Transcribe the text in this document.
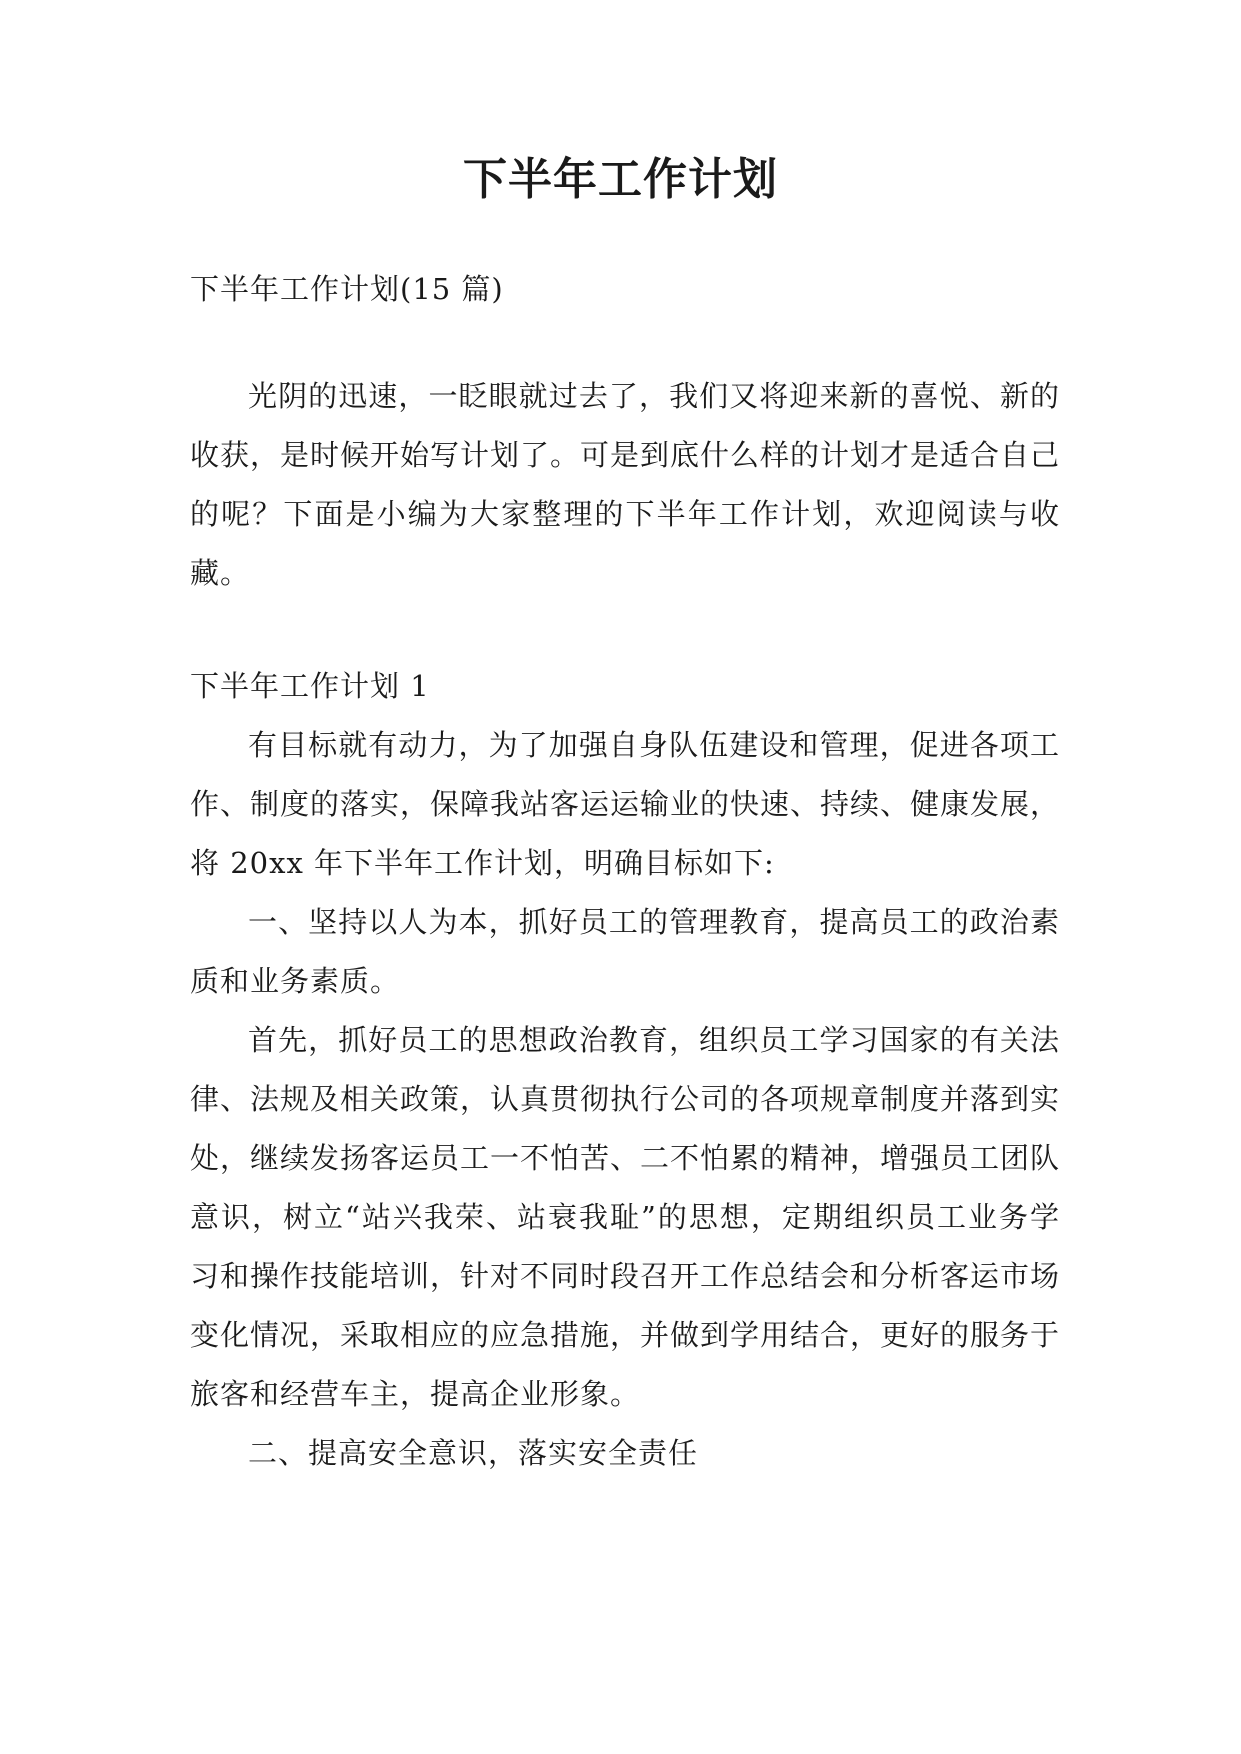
下半年工作计划

下半年工作计划(15 篇)

光阴的迅速，一眨眼就过去了，我们又将迎来新的喜悦、新的收获，是时候开始写计划了。可是到底什么样的计划才是适合自己的呢？下面是小编为大家整理的下半年工作计划，欢迎阅读与收藏。

下半年工作计划 1

有目标就有动力，为了加强自身队伍建设和管理，促进各项工作、制度的落实，保障我站客运运输业的快速、持续、健康发展，将 20xx 年下半年工作计划，明确目标如下:

一、坚持以人为本，抓好员工的管理教育，提高员工的政治素质和业务素质。

首先，抓好员工的思想政治教育，组织员工学习国家的有关法律、法规及相关政策，认真贯彻执行公司的各项规章制度并落到实处，继续发扬客运员工一不怕苦、二不怕累的精神，增强员工团队意识，树立“站兴我荣、站衰我耻”的思想，定期组织员工业务学习和操作技能培训，针对不同时段召开工作总结会和分析客运市场变化情况，采取相应的应急措施，并做到学用结合，更好的服务于旅客和经营车主，提高企业形象。

二、提高安全意识，落实安全责任
